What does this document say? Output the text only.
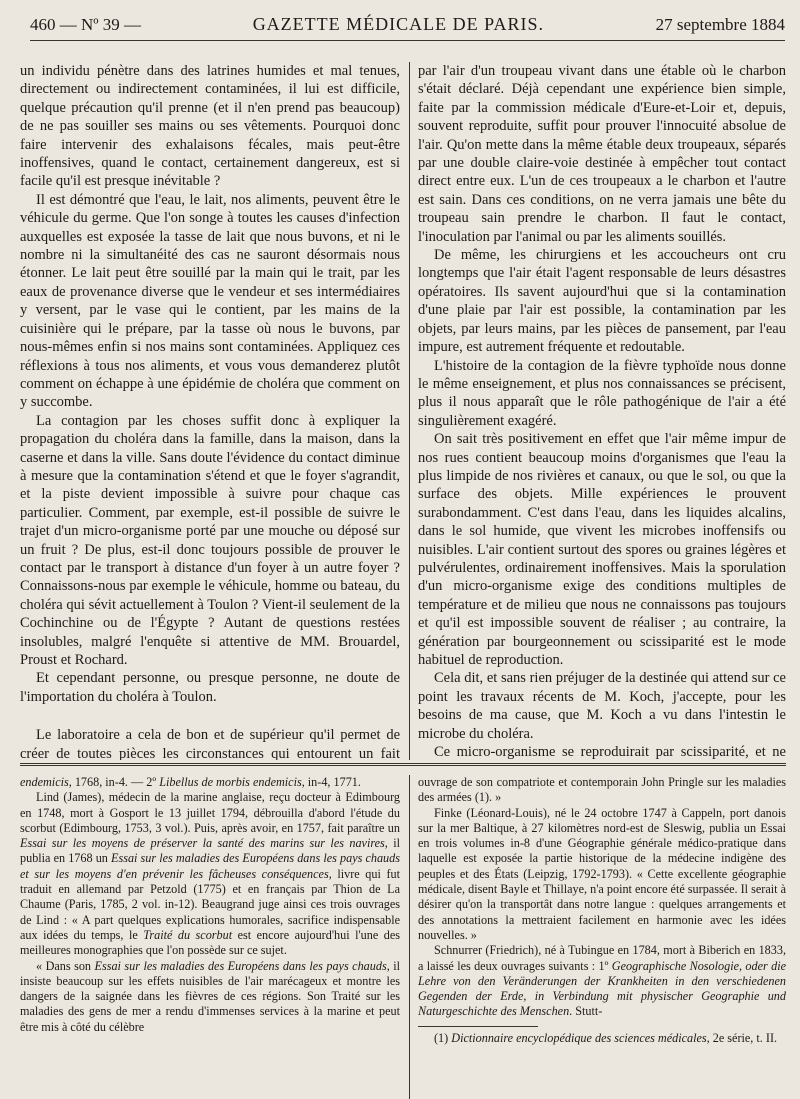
460 — Nº 39 —	GAZETTE MÉDICALE DE PARIS.	27 septembre 1884

un individu pénètre dans des latrines humides et mal tenues, directement ou indirectement contaminées, il lui est difficile, quelque précaution qu'il prenne (et il n'en prend pas beaucoup) de ne pas souiller ses mains ou ses vêtements. Pourquoi donc faire intervenir des exhalaisons fécales, mais peut-être inoffensives, quand le contact, certainement dangereux, est si facile qu'il est presque inévitable ?

Il est démontré que l'eau, le lait, nos aliments, peuvent être le véhicule du germe. Que l'on songe à toutes les causes d'infection auxquelles est exposée la tasse de lait que nous buvons, et ni le nombre ni la simultanéité des cas ne sauront désormais nous étonner. Le lait peut être souillé par la main qui le trait, par les eaux de provenance diverse que le vendeur et ses intermédiaires y versent, par le vase qui le contient, par les mains de la cuisinière qui le prépare, par la tasse où nous le buvons, par nous-mêmes enfin si nos mains sont contaminées. Appliquez ces réflexions à tous nos aliments, et vous vous demanderez plutôt comment on échappe à une épidémie de choléra que comment on y succombe.

La contagion par les choses suffit donc à expliquer la propagation du choléra dans la famille, dans la maison, dans la caserne et dans la ville. Sans doute l'évidence du contact diminue à mesure que la contamination s'étend et que le foyer s'agrandit, et la piste devient impossible à suivre pour chaque cas particulier. Comment, par exemple, est-il possible de suivre le trajet d'un micro-organisme porté par une mouche ou déposé sur un fruit ? De plus, est-il donc toujours possible de prouver le contact par le transport à distance d'un foyer à un autre foyer ? Connaissons-nous par exemple le véhicule, homme ou bateau, du choléra qui sévit actuellement à Toulon ? Vient-il seulement de la Cochinchine ou de l'Égypte ? Autant de questions restées insolubles, malgré l'enquête si attentive de MM. Brouardel, Proust et Rochard.

Et cependant personne, ou presque personne, ne doute de l'importation du choléra à Toulon.

Le laboratoire a cela de bon et de supérieur qu'il permet de créer de toutes pièces les circonstances qui entourent un fait

par l'air d'un troupeau vivant dans une étable où le charbon s'était déclaré. Déjà cependant une expérience bien simple, faite par la commission médicale d'Eure-et-Loir et, depuis, souvent reproduite, suffit pour prouver l'innocuité absolue de l'air. Qu'on mette dans la même étable deux troupeaux, séparés par une double claire-voie destinée à empêcher tout contact direct entre eux. L'un de ces troupeaux a le charbon et l'autre est sain. Dans ces conditions, on ne verra jamais une bête du troupeau sain prendre le charbon. Il faut le contact, l'inoculation par l'animal ou par les aliments souillés.

De même, les chirurgiens et les accoucheurs ont cru longtemps que l'air était l'agent responsable de leurs désastres opératoires. Ils savent aujourd'hui que si la contamination d'une plaie par l'air est possible, la contamination par les objets, par leurs mains, par les pièces de pansement, par l'eau impure, est autrement fréquente et redoutable.

L'histoire de la contagion de la fièvre typhoïde nous donne le même enseignement, et plus nos connaissances se précisent, plus il nous apparaît que le rôle pathogénique de l'air a été singulièrement exagéré.

On sait très positivement en effet que l'air même impur de nos rues contient beaucoup moins d'organismes que l'eau la plus limpide de nos rivières et canaux, ou que le sol, ou que la surface des objets. Mille expériences le prouvent surabondamment. C'est dans l'eau, dans les liquides alcalins, dans le sol humide, que vivent les microbes inoffensifs ou nuisibles. L'air contient surtout des spores ou graines légères et pulvérulentes, ordinairement inoffensives. Mais la sporulation d'un micro-organisme exige des conditions multiples de température et de milieu que nous ne connaissons pas toujours et qu'il est impossible souvent de réaliser ; au contraire, la génération par bourgeonnement ou scissiparité est le mode habituel de reproduction.

Cela dit, et sans rien préjuger de la destinée qui attend sur ce point les travaux récents de M. Koch, j'accepte, pour les besoins de ma cause, que M. Koch a vu dans l'intestin le microbe du choléra.

Ce micro-organisme se reproduirait par scissiparité, et ne

endemicis, 1768, in-4. — 2º Libellus de morbis endemicis, in-4, 1771.

Lind (James), médecin de la marine anglaise, reçu docteur à Edimbourg en 1748, mort à Gosport le 13 juillet 1794, débrouilla d'abord l'étude du scorbut (Edimbourg, 1753, 3 vol.). Puis, après avoir, en 1757, fait paraître un Essai sur les moyens de préserver la santé des marins sur les navires, il publia en 1768 un Essai sur les maladies des Européens dans les pays chauds et sur les moyens d'en prévenir les fâcheuses conséquences, livre qui fut traduit en allemand par Petzold (1775) et en français par Thion de La Chaume (Paris, 1785, 2 vol. in-12). Beaugrand juge ainsi ces trois ouvrages de Lind : « A part quelques explications humorales, sacrifice indispensable aux idées du temps, le Traité du scorbut est encore aujourd'hui l'une des meilleures monographies que l'on possède sur ce sujet.

« Dans son Essai sur les maladies des Européens dans les pays chauds, il insiste beaucoup sur les effets nuisibles de l'air marécageux et montre les dangers de la saignée dans les fièvres de ces régions. Son Traité sur les maladies des gens de mer a rendu d'immenses services à la marine et peut être mis à côté du célèbre

ouvrage de son compatriote et contemporain John Pringle sur les maladies des armées (1). »

Finke (Léonard-Louis), né le 24 octobre 1747 à Cappeln, port danois sur la mer Baltique, à 27 kilomètres nord-est de Sleswig, publia un Essai en trois volumes in-8 d'une Géographie générale médico-pratique dans laquelle est exposée la partie historique de la médecine indigène des peuples et des États (Leipzig, 1792-1793). « Cette excellente géographie médicale, disent Bayle et Thillaye, n'a point encore été surpassée. Il serait à désirer qu'on la transportât dans notre langue : quelques arrangements et des annotations la mettraient facilement en harmonie avec les idées nouvelles. »

Schnurrer (Friedrich), né à Tubingue en 1784, mort à Biberich en 1833, a laissé les deux ouvrages suivants : 1º Geographische Nosologie, oder die Lehre von den Veränderungen der Krankheiten in den verschiedenen Gegenden der Erde, in Verbindung mit physischer Geographie und Naturgeschichte des Menschen. Stutt-

(1) Dictionnaire encyclopédique des sciences médicales, 2e série, t. II.
